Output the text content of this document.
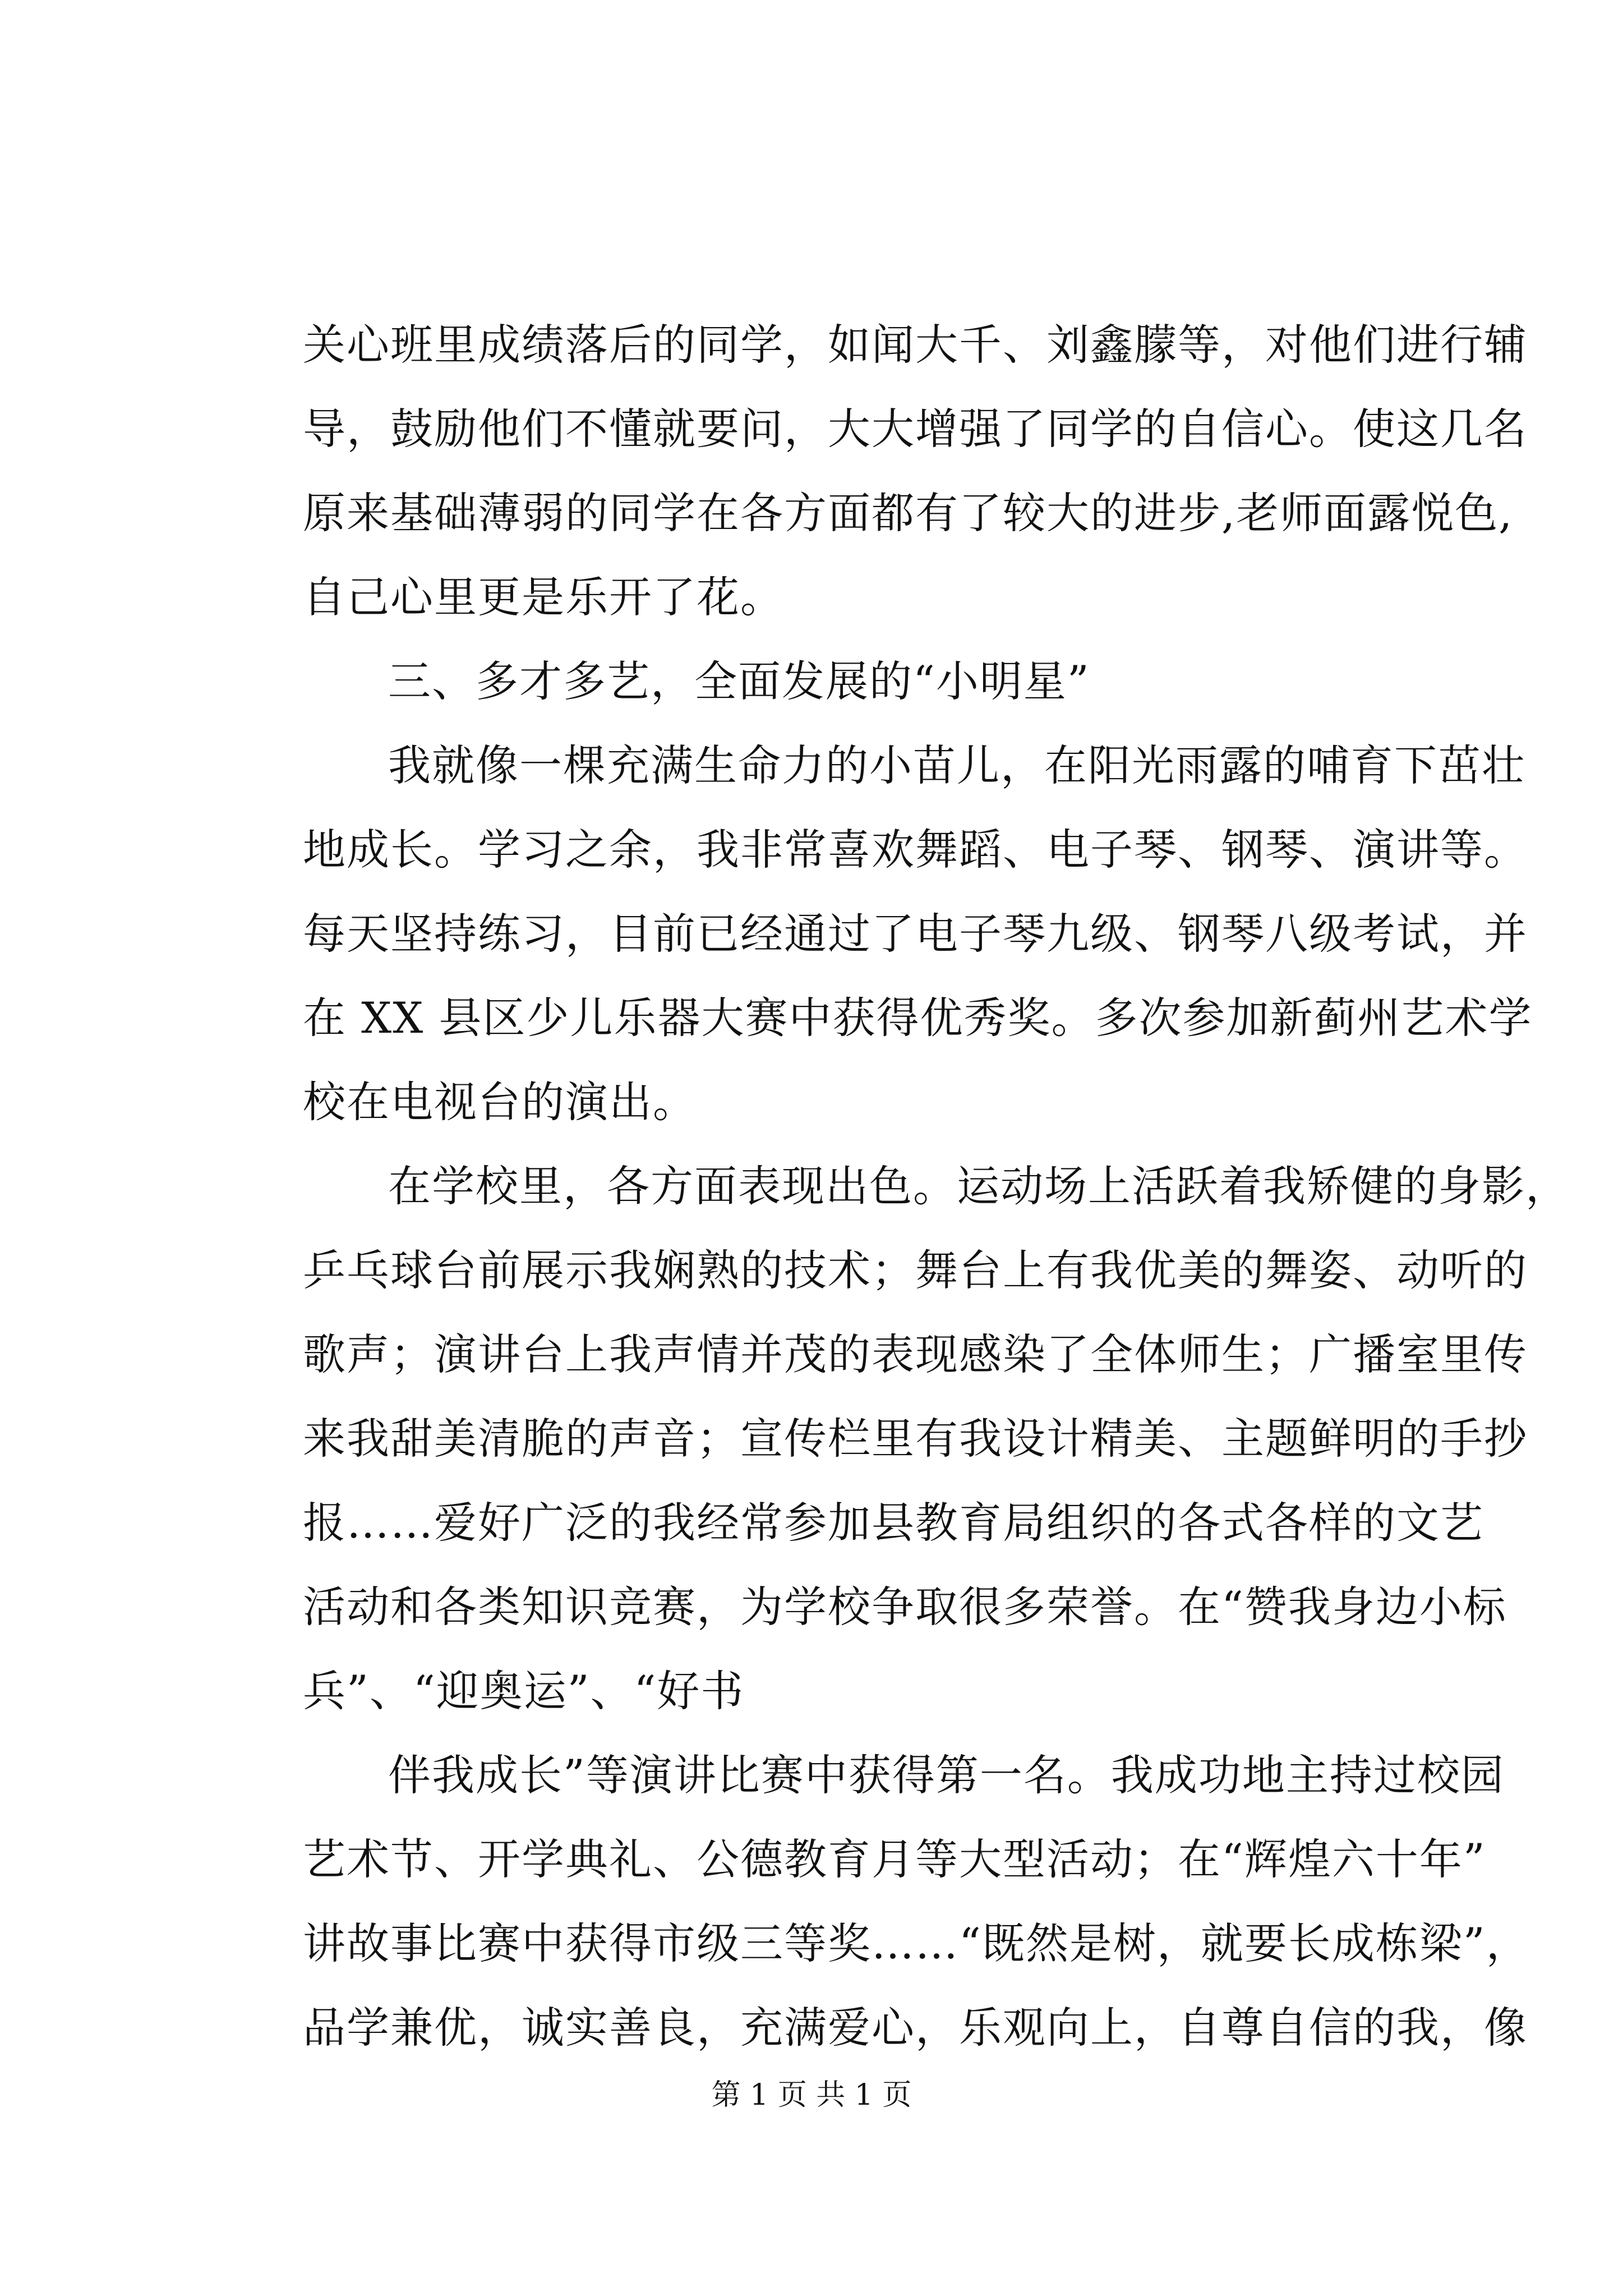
关心班里成绩落后的同学，如闻大千、刘鑫朦等，对他们进行辅
导，鼓励他们不懂就要问，大大增强了同学的自信心。使这几名
原来基础薄弱的同学在各方面都有了较大的进步,老师面露悦色,
自己心里更是乐开了花。
三、多才多艺，全面发展的“小明星”
我就像一棵充满生命力的小苗儿，在阳光雨露的哺育下茁壮
地成长。学习之余，我非常喜欢舞蹈、电子琴、钢琴、演讲等。
每天坚持练习，目前已经通过了电子琴九级、钢琴八级考试，并
在 XX 县区少儿乐器大赛中获得优秀奖。多次参加新蓟州艺术学
校在电视台的演出。
在学校里，各方面表现出色。运动场上活跃着我矫健的身影，
乒乓球台前展示我娴熟的技术；舞台上有我优美的舞姿、动听的
歌声；演讲台上我声情并茂的表现感染了全体师生；广播室里传
来我甜美清脆的声音；宣传栏里有我设计精美、主题鲜明的手抄
报……爱好广泛的我经常参加县教育局组织的各式各样的文艺
活动和各类知识竞赛，为学校争取很多荣誉。在“赞我身边小标
兵”、“迎奥运”、“好书
伴我成长”等演讲比赛中获得第一名。我成功地主持过校园
艺术节、开学典礼、公德教育月等大型活动；在“辉煌六十年”
讲故事比赛中获得市级三等奖……“既然是树，就要长成栋梁”，
品学兼优，诚实善良，充满爱心，乐观向上，自尊自信的我，像
第 1 页 共 1 页
